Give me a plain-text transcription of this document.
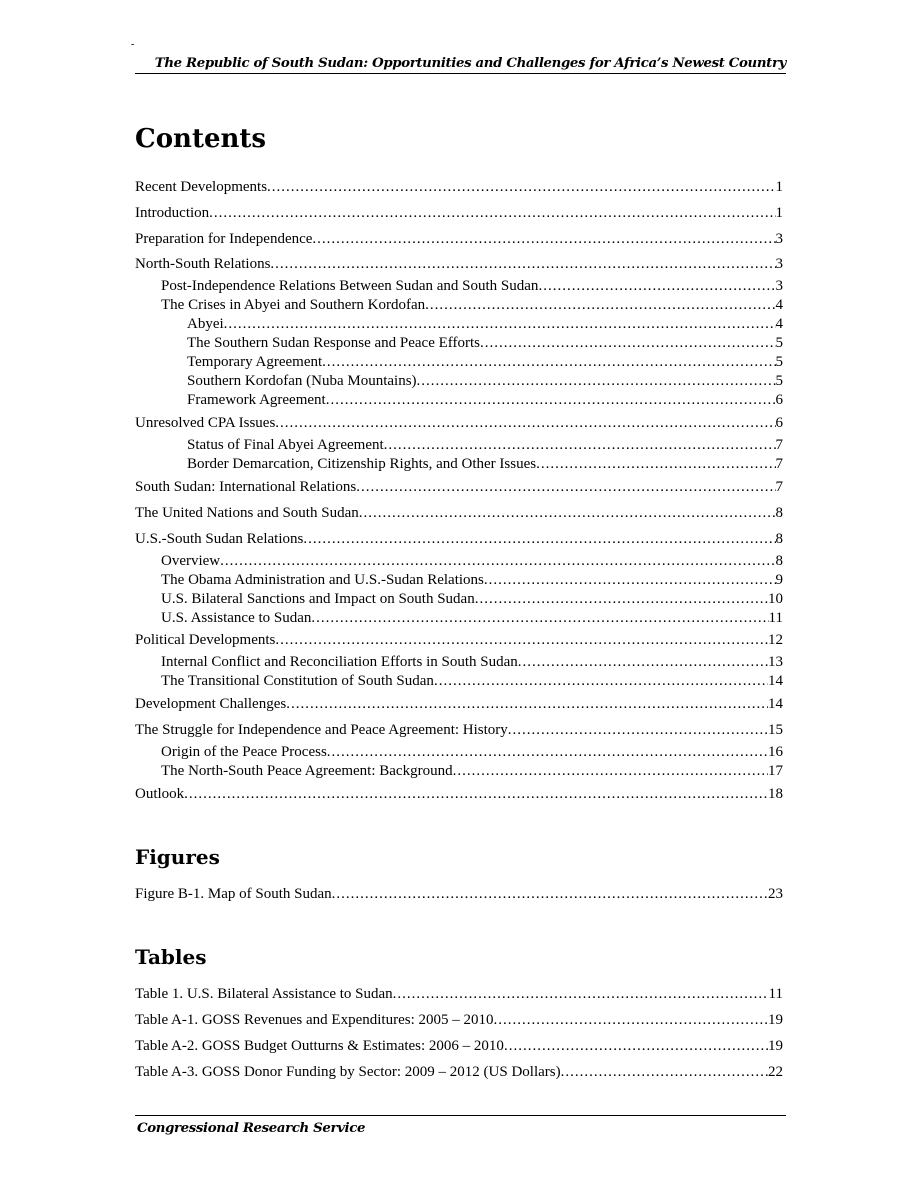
-
The Republic of South Sudan: Opportunities and Challenges for Africa’s Newest Country
Contents
Recent Developments .....	1
Introduction .....	1
Preparation for Independence .....	3
North-South Relations .....	3
Post-Independence Relations Between Sudan and South Sudan .....	3
The Crises in Abyei and Southern Kordofan .....	4
Abyei .....	4
The Southern Sudan Response and Peace Efforts .....	5
Temporary Agreement .....	5
Southern Kordofan (Nuba Mountains) .....	5
Framework Agreement .....	6
Unresolved CPA Issues .....	6
Status of Final Abyei Agreement .....	7
Border Demarcation, Citizenship Rights, and Other Issues .....	7
South Sudan: International Relations .....	7
The United Nations and South Sudan .....	8
U.S.-South Sudan Relations .....	8
Overview .....	8
The Obama Administration and U.S.-Sudan Relations .....	9
U.S. Bilateral Sanctions and Impact on South Sudan .....	10
U.S. Assistance to Sudan .....	11
Political Developments .....	12
Internal Conflict and Reconciliation Efforts in South Sudan .....	13
The Transitional Constitution of South Sudan .....	14
Development Challenges .....	14
The Struggle for Independence and Peace Agreement: History .....	15
Origin of the Peace Process .....	16
The North-South Peace Agreement: Background .....	17
Outlook .....	18
Figures
Figure B-1. Map of South Sudan .....	23
Tables
Table 1. U.S. Bilateral Assistance to Sudan .....	11
Table A-1. GOSS Revenues and Expenditures: 2005 – 2010 .....	19
Table A-2. GOSS Budget Outturns & Estimates: 2006 – 2010 .....	19
Table A-3. GOSS Donor Funding by Sector: 2009 – 2012 (US Dollars) .....	22
Congressional Research Service
